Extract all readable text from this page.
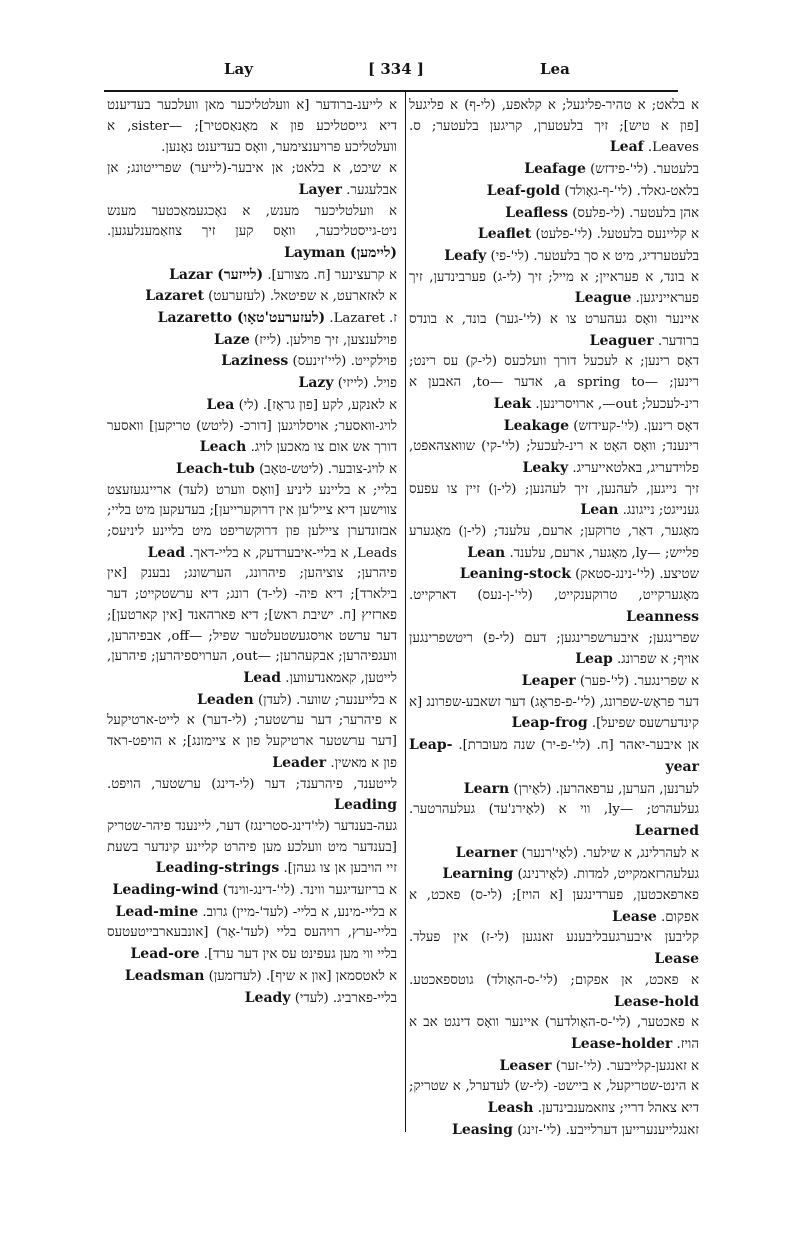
Lay	[ 334 ]	Lea
א לייענ-ברודער [א וועלטליכער מאן וועלכער בעדיענט דיא גייסטליכע פון א מאָנאַסטיר]; —sister, א וועלטליכע פרויענצימער, וואָס בעדיענט נאָנען.
א שיכט, א בלאט; אן איבער-(לייער) שפרייטונג; אן אבלעגער. Layer
א וועלטליכער מענש, א נאָכגעמאַכטער מענש ניט-גייסטליכער, וואָס קען זיך צוזאַמענלעגען. Layman (ליימען)
א קרעצינער [ח. מצורע]. Lazar (לייזער)
א לאזארעט, א שפיטאל. (לעזערעט) Lazaret
ז. Lazaret. Lazaretto (לעזערעט'טאָו)
פוילענצען, זיך פוילען. (לייז) Laze
פוילקייט. (ליי'זינעס) Laziness
פויל. (לייזי) Lazy
א לאנקע, לקע [פון גראָז]. (לי) Lea
לויג-וואסער; אויסלויגען [דורכ- (ליטש) טריקען] וואסער דורך אש אום צו מאכען לויג. Leach
א לויג-צובער. (ליטש-טאָב) Leach-tub
בליי; א בליינע ליניע [וואָס ווערט (לעד) אריינגעזעצט צווישען דיא צייל'ען אין דרוקערייען]; בעדעקען מיט בליי; אבזונדערן ציילען פון דרוקשריפט מיט בליינע ליניעס; Leads, א בליי-איבערדעק, א בליי-דאך. Lead
פיהרען; צוציהען; פיהרונג, הערשונג; נבענק [אין בילארד]; דיא פיה- (לי-ד) רונג; דיא ערשטקייט; דער פארזיץ [ח. ישיבת ראש]; דיא פארהאנד [אין קארטען]; דער ערשט אויסגעשטעלטער שפיל; —off, אבפיהרען, וועגפיהרען; אבקעהרען; —out, הערויספיהרען; פיהרען, לייטען, קאמאנדעווען. Lead
א בלייענער; שווער. (לעדן) Leaden
א פיהרער; דער ערשטער; (לי-דער) א לייט-ארטיקעל [דער ערשטער ארטיקעל פון א ציימונג]; א הויפט-ראד פון א מאשין. Leader
לייטענד, פיהרענד; דער (לי-דינג) ערשטער, הויפט. Leading
געה-בענדער (לי'דינג-סטרינגז) דער, ליינענד פיהר-שטריק [בענדער מיט וועלכע מען פיהרט קליינע קינדער בשעת זיי הויבען אן צו געהן]. Leading-strings
א בריזעדיגער ווינד. (לי'-דינג-ווינד) Leading-wind
א בליי-מינע, א בליי- (לעד'-מיין) גרוב. Lead-mine
בליי-ערץ, רויהעס בליי (לעד'-אָר) [אונבעארבייטעטעס בליי ווי מען געפינט עס אין דער ערד]. Lead-ore
א לאטסמאן [און א שיף]. (לעדזמען) Leadsman
בליי-פארביג. (לעדי) Leady
א בלאט; א טהיר-פליגעל; א קלאפע, (לי-ף) א פליגעל [פון א טיש]; זיך בלעטערן, קריגען בלעטער; ס. Leaves. Leaf
בלעטער. (לי'-פידזש) Leafage
בלאט-גאלד. (לי'-ף-גאָולד) Leaf-gold
אהן בלעטער. (לי-פלעס) Leafless
א קליינעס בלעטעל. (לי'-פלעט) Leaflet
בלעטערדיג, מיט א סך בלעטער. (לי'-פי) Leafy
א בונד, א פעראיין; א מייל; זיך (לי-ג) פערבינדען, זיך פעראייניגען. League
איינער וואָס געהערט צו א (לי'-גער) בונד, א בונדס ברודער. Leaguer
דאָס רינען; א לעכעל דורך וועלכעס (לי-ק) עס רינט; רינען; —a spring to, אדער —to, האבען א רינ-לעכעל; out—, ארויסרינען. Leak
דאָס רינען. (לי'-קעידזש) Leakage
רינענד; וואָס האָט א רינ-לעכעל; (לי'-קי) שוואצהאפט, פלוידעריג, באלטאייעריג. Leaky
זיך נייגען, לעהנען, זיך לעהנען; (לי-ן) זיין צו עפעס גענייגט; נייגונג. Lean
מאָגער, דאַר, טרוקען; ארעם, עלענד; (לי-ן) מאָגערע פלייש; —ly, מאָגער, ארעם, עלענד. Lean
שטיצע. (לי'-נינג-סטאק) Leaning-stock
מאָגערקייט, טרוקענקייט, (לי'-ן-נעס) דארקייט. Leanness
שפרינגען; איבערשפרינגען; דעם (לי-פ) ריטשפרינגען אויף; א שפרונג. Leap
א שפרינגער. (לי'-פער) Leaper
דער פראָש-שפרונג, (לי'-פ-פראָג) דער זשאבע-שפרונג [א קינדערשעס שפיעל]. Leap-frog
אן איבער-יאהר [ח. (לי'-פ-יר) שנה מעוברת]. Leap-year
לערנען, הערען, ערפאהרען. (לאָירן) Learn
געלעהרט; —ly, ווי א (לאָירנ'עד) געלעהרטער. Learned
א לעהרלינג, א שילער. (לאָי'רנער) Learner
געלעהרזאמקייט, למדות. (לאָירנינג) Learning
פארפאכטען, פערדינגען [א הויז]; (לי-ס) פאכט, א אפקום. Lease
קליבען איבערגעבליבענע זאנגען (לי-ז) אין פעלד. Lease
א פאכט, אן אפקום; (לי'-ס-האָולד) גוטספאכטע. Lease-hold
א פאכטער, (לי'-ס-האָולדער) איינער וואָס דינגט אב א הויז. Lease-holder
א זאנגען-קלייבער. (לי'-זער) Leaser
א הינט-שטריקעל, א ביישט- (לי-ש) לעדערל, א שטריק; דיא צאהל דריי; צוזאמענבינדען. Leash
זאנגלייענערייען דערלייבע. (לי'-זינג) Leasing
